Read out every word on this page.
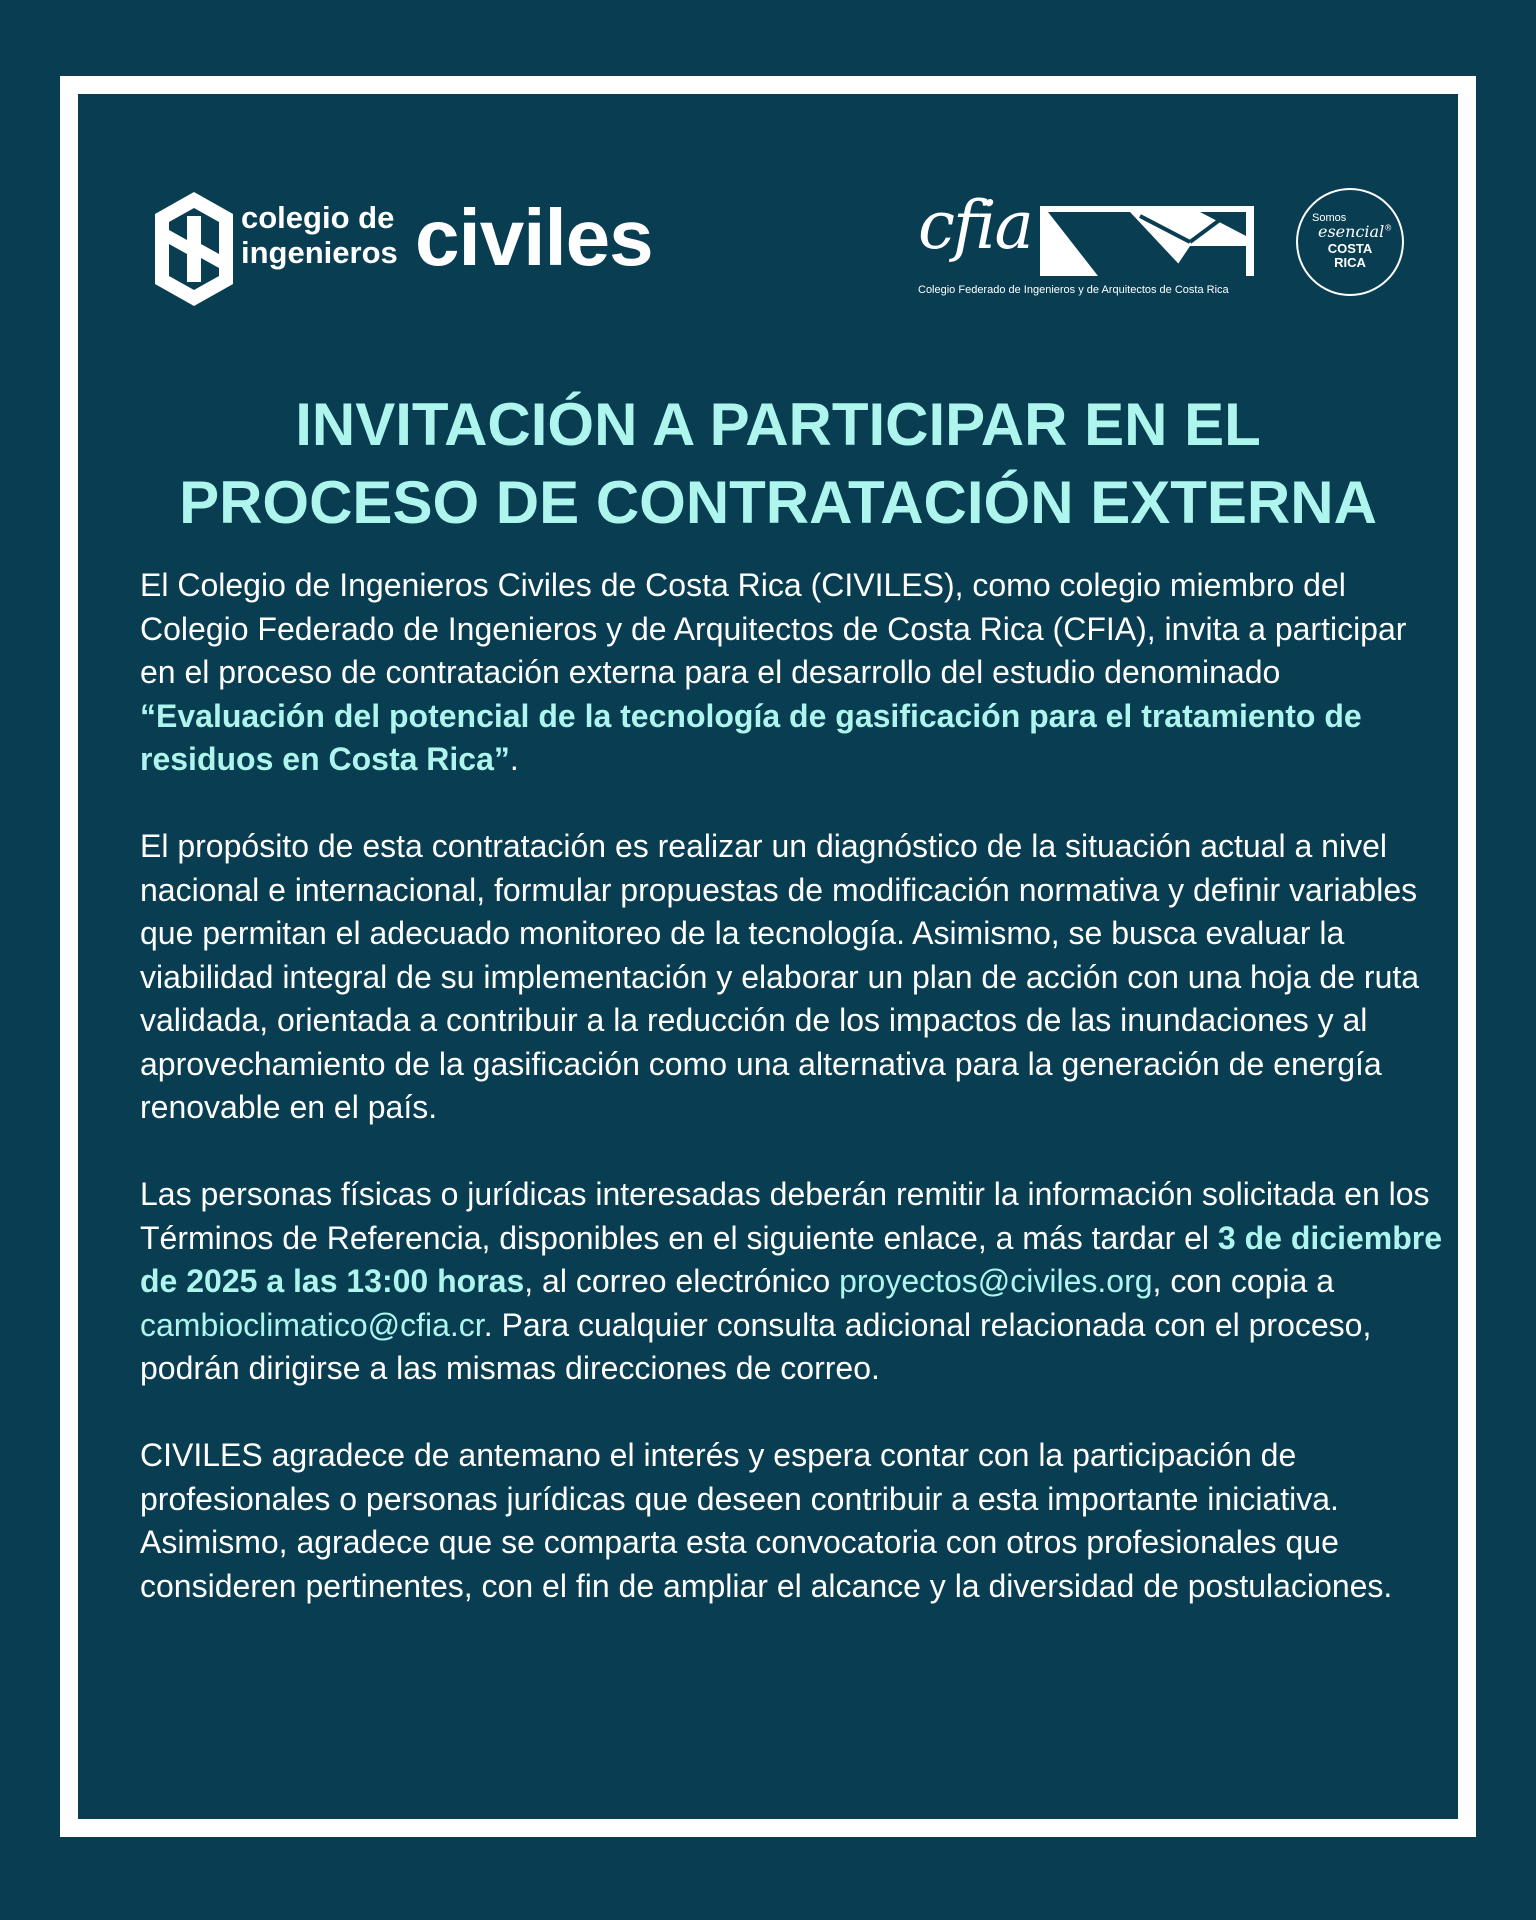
colegio de
ingenieros civiles	cfia
Colegio Federado de Ingenieros y de Arquitectos de Costa Rica
Somos
esencial®
COSTA
RICA
INVITACIÓN A PARTICIPAR EN EL
PROCESO DE CONTRATACIÓN EXTERNA

El Colegio de Ingenieros Civiles de Costa Rica (CIVILES), como colegio miembro del Colegio Federado de Ingenieros y de Arquitectos de Costa Rica (CFIA), invita a participar en el proceso de contratación externa para el desarrollo del estudio denominado “Evaluación del potencial de la tecnología de gasificación para el tratamiento de residuos en Costa Rica”.

El propósito de esta contratación es realizar un diagnóstico de la situación actual a nivel nacional e internacional, formular propuestas de modificación normativa y definir variables que permitan el adecuado monitoreo de la tecnología. Asimismo, se busca evaluar la viabilidad integral de su implementación y elaborar un plan de acción con una hoja de ruta validada, orientada a contribuir a la reducción de los impactos de las inundaciones y al aprovechamiento de la gasificación como una alternativa para la generación de energía renovable en el país.

Las personas físicas o jurídicas interesadas deberán remitir la información solicitada en los Términos de Referencia, disponibles en el siguiente enlace, a más tardar el 3 de diciembre de 2025 a las 13:00 horas, al correo electrónico proyectos@civiles.org, con copia a cambioclimatico@cfia.cr. Para cualquier consulta adicional relacionada con el proceso, podrán dirigirse a las mismas direcciones de correo.

CIVILES agradece de antemano el interés y espera contar con la participación de profesionales o personas jurídicas que deseen contribuir a esta importante iniciativa. Asimismo, agradece que se comparta esta convocatoria con otros profesionales que consideren pertinentes, con el fin de ampliar el alcance y la diversidad de postulaciones.
